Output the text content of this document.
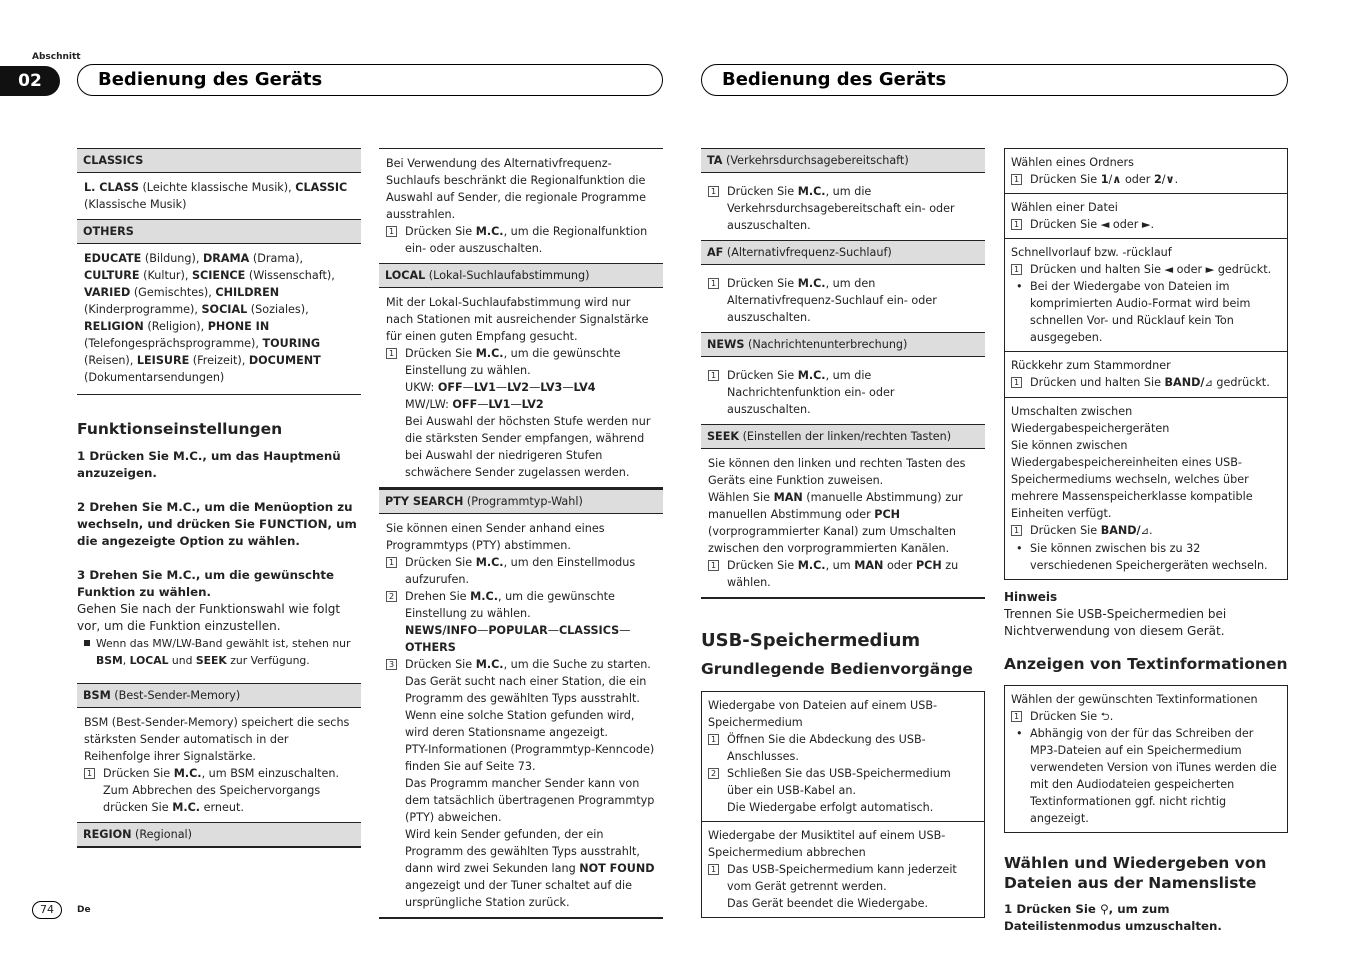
Abschnitt
02	Bedienung des Geräts	Bedienung des Geräts
CLASSICS
L. CLASS (Leichte klassische Musik), CLASSIC (Klassische Musik)
OTHERS
EDUCATE (Bildung), DRAMA (Drama), CULTURE (Kultur), SCIENCE (Wissenschaft), VARIED (Gemischtes), CHILDREN (Kinderprogramme), SOCIAL (Soziales), RELIGION (Religion), PHONE IN (Telefongesprächsprogramme), TOURING (Reisen), LEISURE (Freizeit), DOCUMENT (Dokumentarsendungen)
Funktionseinstellungen
1 Drücken Sie M.C., um das Hauptmenü anzuzeigen.
2 Drehen Sie M.C., um die Menüoption zu wechseln, und drücken Sie FUNCTION, um die angezeigte Option zu wählen.
3 Drehen Sie M.C., um die gewünschte Funktion zu wählen.
Gehen Sie nach der Funktionswahl wie folgt vor, um die Funktion einzustellen.
Wenn das MW/LW-Band gewählt ist, stehen nur BSM, LOCAL und SEEK zur Verfügung.
BSM (Best-Sender-Memory)
BSM (Best-Sender-Memory) speichert die sechs stärksten Sender automatisch in der Reihenfolge ihrer Signalstärke.
1 Drücken Sie M.C., um BSM einzuschalten.
Zum Abbrechen des Speichervorgangs drücken Sie M.C. erneut.
REGION (Regional)
Bei Verwendung des Alternativfrequenz-Suchlaufs beschränkt die Regionalfunktion die Auswahl auf Sender, die regionale Programme ausstrahlen.
1 Drücken Sie M.C., um die Regionalfunktion ein- oder auszuschalten.
LOCAL (Lokal-Suchlaufabstimmung)
Mit der Lokal-Suchlaufabstimmung wird nur nach Stationen mit ausreichender Signalstärke für einen guten Empfang gesucht.
1 Drücken Sie M.C., um die gewünschte Einstellung zu wählen.
UKW: OFF—LV1—LV2—LV3—LV4
MW/LW: OFF—LV1—LV2
Bei Auswahl der höchsten Stufe werden nur die stärksten Sender empfangen, während bei Auswahl der niedrigeren Stufen schwächere Sender zugelassen werden.
PTY SEARCH (Programmtyp-Wahl)
Sie können einen Sender anhand eines Programmtyps (PTY) abstimmen.
1 Drücken Sie M.C., um den Einstellmodus aufzurufen.
2 Drehen Sie M.C., um die gewünschte Einstellung zu wählen.
NEWS/INFO—POPULAR—CLASSICS—
OTHERS
3 Drücken Sie M.C., um die Suche zu starten.
Das Gerät sucht nach einer Station, die ein Programm des gewählten Typs ausstrahlt. Wenn eine solche Station gefunden wird, wird deren Stationsname angezeigt.
PTY-Informationen (Programmtyp-Kenncode) finden Sie auf Seite 73.
Das Programm mancher Sender kann von dem tatsächlich übertragenen Programmtyp (PTY) abweichen.
Wird kein Sender gefunden, der ein Programm des gewählten Typs ausstrahlt, dann wird zwei Sekunden lang NOT FOUND angezeigt und der Tuner schaltet auf die ursprüngliche Station zurück.
TA (Verkehrsdurchsagebereitschaft)
1 Drücken Sie M.C., um die Verkehrsdurchsagebereitschaft ein- oder auszuschalten.
AF (Alternativfrequenz-Suchlauf)
1 Drücken Sie M.C., um den Alternativfrequenz-Suchlauf ein- oder auszuschalten.
NEWS (Nachrichtenunterbrechung)
1 Drücken Sie M.C., um die Nachrichtenfunktion ein- oder auszuschalten.
SEEK (Einstellen der linken/rechten Tasten)
Sie können den linken und rechten Tasten des Geräts eine Funktion zuweisen.
Wählen Sie MAN (manuelle Abstimmung) zur manuellen Abstimmung oder PCH (vorprogrammierter Kanal) zum Umschalten zwischen den vorprogrammierten Kanälen.
1 Drücken Sie M.C., um MAN oder PCH zu wählen.
USB-Speichermedium
Grundlegende Bedienvorgänge
Wiedergabe von Dateien auf einem USB-Speichermedium
1 Öffnen Sie die Abdeckung des USB-Anschlusses.
2 Schließen Sie das USB-Speichermedium über ein USB-Kabel an.
Die Wiedergabe erfolgt automatisch.
Wiedergabe der Musiktitel auf einem USB-Speichermedium abbrechen
1 Das USB-Speichermedium kann jederzeit vom Gerät getrennt werden.
Das Gerät beendet die Wiedergabe.
Wählen eines Ordners
1 Drücken Sie 1/∧ oder 2/∨.
Wählen einer Datei
1 Drücken Sie ◄ oder ►.
Schnellvorlauf bzw. -rücklauf
1 Drücken und halten Sie ◄ oder ► gedrückt.
• Bei der Wiedergabe von Dateien im komprimierten Audio-Format wird beim schnellen Vor- und Rücklauf kein Ton ausgegeben.
Rückkehr zum Stammordner
1 Drücken und halten Sie BAND/⊿ gedrückt.
Umschalten zwischen Wiedergabespeichergeräten
Sie können zwischen Wiedergabespeichereinheiten eines USB-Speichermediums wechseln, welches über mehrere Massenspeicherklasse kompatible Einheiten verfügt.
1 Drücken Sie BAND/⊿.
• Sie können zwischen bis zu 32 verschiedenen Speichergeräten wechseln.
Hinweis
Trennen Sie USB-Speichermedien bei Nichtverwendung von diesem Gerät.
Anzeigen von Textinformationen
Wählen der gewünschten Textinformationen
1 Drücken Sie ⮌.
• Abhängig von der für das Schreiben der MP3-Dateien auf ein Speichermedium verwendeten Version von iTunes werden die mit den Audiodateien gespeicherten Textinformationen ggf. nicht richtig angezeigt.
Wählen und Wiedergeben von Dateien aus der Namensliste
1 Drücken Sie ⚲, um zum Dateilistenmodus umzuschalten.
74	De
